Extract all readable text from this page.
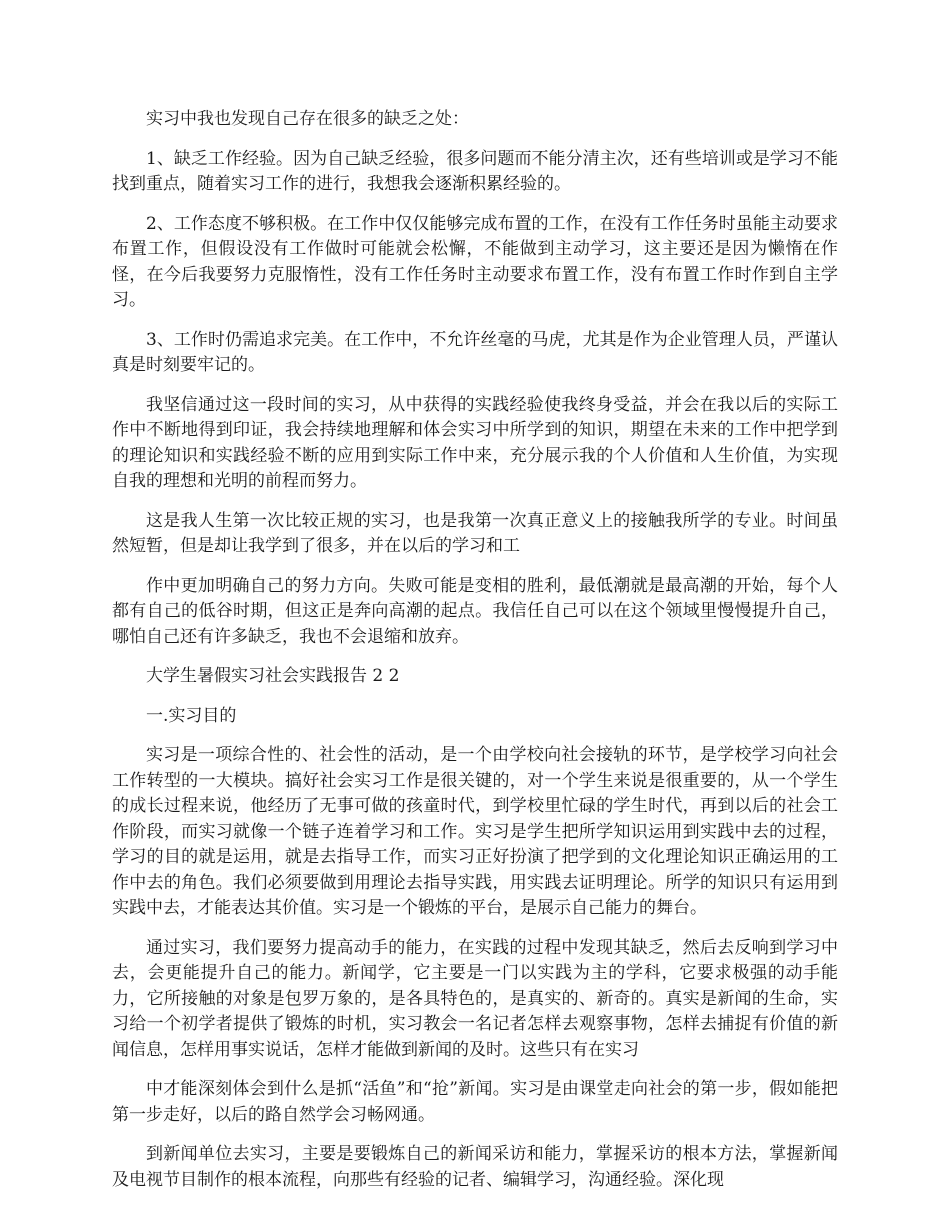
实习中我也发现自己存在很多的缺乏之处：

1、缺乏工作经验。因为自己缺乏经验，很多问题而不能分清主次，还有些培训或是学习不能找到重点，随着实习工作的进行，我想我会逐渐积累经验的。

2、工作态度不够积极。在工作中仅仅能够完成布置的工作，在没有工作任务时虽能主动要求布置工作，但假设没有工作做时可能就会松懈，不能做到主动学习，这主要还是因为懒惰在作怪，在今后我要努力克服惰性，没有工作任务时主动要求布置工作，没有布置工作时作到自主学习。

3、工作时仍需追求完美。在工作中，不允许丝毫的马虎，尤其是作为企业管理人员，严谨认真是时刻要牢记的。

我坚信通过这一段时间的实习，从中获得的实践经验使我终身受益，并会在我以后的实际工作中不断地得到印证，我会持续地理解和体会实习中所学到的知识，期望在未来的工作中把学到的理论知识和实践经验不断的应用到实际工作中来，充分展示我的个人价值和人生价值，为实现自我的理想和光明的前程而努力。

这是我人生第一次比较正规的实习，也是我第一次真正意义上的接触我所学的专业。时间虽然短暂，但是却让我学到了很多，并在以后的学习和工

作中更加明确自己的努力方向。失败可能是变相的胜利，最低潮就是最高潮的开始，每个人都有自己的低谷时期，但这正是奔向高潮的起点。我信任自己可以在这个领域里慢慢提升自己，哪怕自己还有许多缺乏，我也不会退缩和放弃。

大学生暑假实习社会实践报告 2 2

一.实习目的

实习是一项综合性的、社会性的活动，是一个由学校向社会接轨的环节，是学校学习向社会工作转型的一大模块。搞好社会实习工作是很关键的，对一个学生来说是很重要的，从一个学生的成长过程来说，他经历了无事可做的孩童时代，到学校里忙碌的学生时代，再到以后的社会工作阶段，而实习就像一个链子连着学习和工作。实习是学生把所学知识运用到实践中去的过程，学习的目的就是运用，就是去指导工作，而实习正好扮演了把学到的文化理论知识正确运用的工作中去的角色。我们必须要做到用理论去指导实践，用实践去证明理论。所学的知识只有运用到实践中去，才能表达其价值。实习是一个锻炼的平台，是展示自己能力的舞台。

通过实习，我们要努力提高动手的能力，在实践的过程中发现其缺乏，然后去反响到学习中去，会更能提升自己的能力。新闻学，它主要是一门以实践为主的学科，它要求极强的动手能力，它所接触的对象是包罗万象的，是各具特色的，是真实的、新奇的。真实是新闻的生命，实习给一个初学者提供了锻炼的时机，实习教会一名记者怎样去观察事物，怎样去捕捉有价值的新闻信息，怎样用事实说话，怎样才能做到新闻的及时。这些只有在实习

中才能深刻体会到什么是抓“活鱼”和“抢”新闻。实习是由课堂走向社会的第一步，假如能把第一步走好，以后的路自然学会习畅网通。

到新闻单位去实习，主要是要锻炼自己的新闻采访和能力，掌握采访的根本方法，掌握新闻及电视节目制作的根本流程，向那些有经验的记者、编辑学习，沟通经验。深化现
